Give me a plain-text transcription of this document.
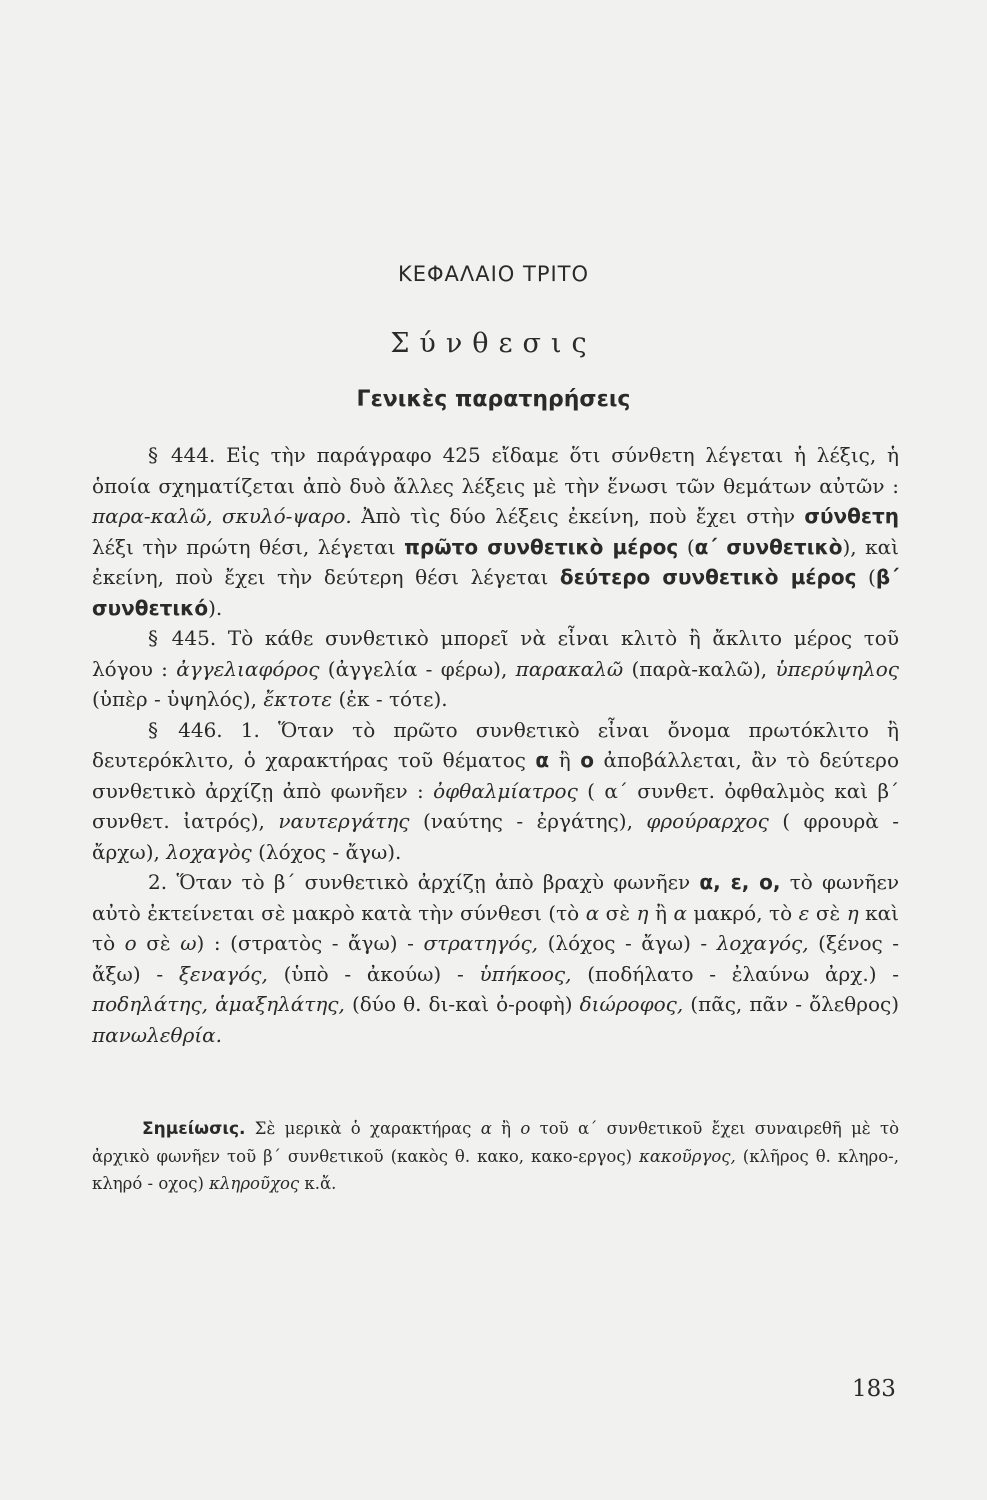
ΚΕΦΑΛΑΙΟ ΤΡΙΤΟ
Σύνθεσις
Γενικὲς παρατηρήσεις

§ 444. Εἰς τὴν παράγραφο 425 εἴδαμε ὅτι σύνθετη λέγεται ἡ λέξις, ἡ ὁποία σχηματίζεται ἀπὸ δυὸ ἄλλες λέξεις μὲ τὴν ἕνωσι τῶν θεμάτων αὐτῶν : παρα-καλῶ, σκυλό-ψαρο. Ἀπὸ τὶς δύο λέξεις ἐκείνη, ποὺ ἔχει στὴν σύνθετη λέξι τὴν πρώτη θέσι, λέγεται πρῶτο συνθετικὸ μέρος (α΄ συνθετικὸ), καὶ ἐκείνη, ποὺ ἔχει τὴν δεύτερη θέσι λέγεται δεύτερο συνθετικὸ μέρος (β΄ συνθετικό).

§ 445. Τὸ κάθε συνθετικὸ μπορεῖ νὰ εἶναι κλιτὸ ἢ ἄκλιτο μέρος τοῦ λόγου : ἀγγελιαφόρος (ἀγγελία - φέρω), παρακαλῶ (παρὰ-καλῶ), ὑπερύψηλος (ὑπὲρ - ὑψηλός), ἔκτοτε (ἐκ - τότε).

§ 446. 1. Ὅταν τὸ πρῶτο συνθετικὸ εἶναι ὄνομα πρωτόκλιτο ἢ δευτερόκλιτο, ὁ χαρακτήρας τοῦ θέματος α ἢ ο ἀποβάλλεται, ἂν τὸ δεύτερο συνθετικὸ ἀρχίζῃ ἀπὸ φωνῆεν : ὀφθαλμίατρος ( α΄ συνθετ. ὀφθαλμὸς καὶ β΄ συνθετ. ἰατρός), ναυτεργάτης (ναύτης - ἐργάτης), φρούραρχος ( φρουρὰ - ἄρχω), λοχαγὸς (λόχος - ἄγω).

2. Ὅταν τὸ β΄ συνθετικὸ ἀρχίζῃ ἀπὸ βραχὺ φωνῆεν α, ε, ο, τὸ φωνῆεν αὐτὸ ἐκτείνεται σὲ μακρὸ κατὰ τὴν σύνθεσι (τὸ α σὲ η ἢ α μακρό, τὸ ε σὲ η καὶ τὸ ο σὲ ω) : (στρατὸς - ἄγω) - στρατηγός, (λόχος - ἄγω) - λοχαγός, (ξένος - ἄξω) - ξεναγός, (ὑπὸ - ἀκούω) - ὑπήκοος, (ποδήλατο - ἐλαύνω ἀρχ.) - ποδηλάτης, ἁμαξηλάτης, (δύο θ. δι-καὶ ὀ-ροφὴ) διώροφος, (πᾶς, πᾶν - ὄλεθρος) πανωλεθρία.

Σημείωσις. Σὲ μερικὰ ὁ χαρακτήρας α ἢ ο τοῦ α΄ συνθετικοῦ ἔχει συναιρεθῆ μὲ τὸ ἀρχικὸ φωνῆεν τοῦ β΄ συνθετικοῦ (κακὸς θ. κακο, κακο-εργος) κακοῦργος, (κλῆρος θ. κληρο-, κληρό - οχος) κληροῦχος κ.ἄ.

183
